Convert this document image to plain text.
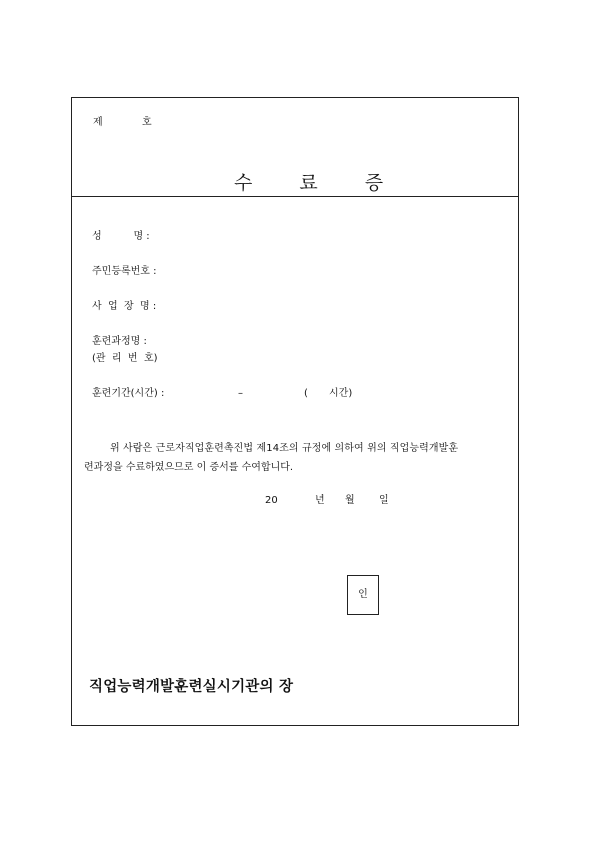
제	호

수 료 증

성          명 :
주민등록번호 :
사  업  장  명 :
훈련과정명 :
(관  리  번  호)
훈련기간(시간) :	–	( 시간)
위 사람은 근로자직업훈련촉진법 제14조의 규정에 의하여 위의 직업능력개발훈
련과정을 수료하였으므로 이 증서를 수여합니다.
20	년 월 일
인
직업능력개발훈련실시기관의 장
